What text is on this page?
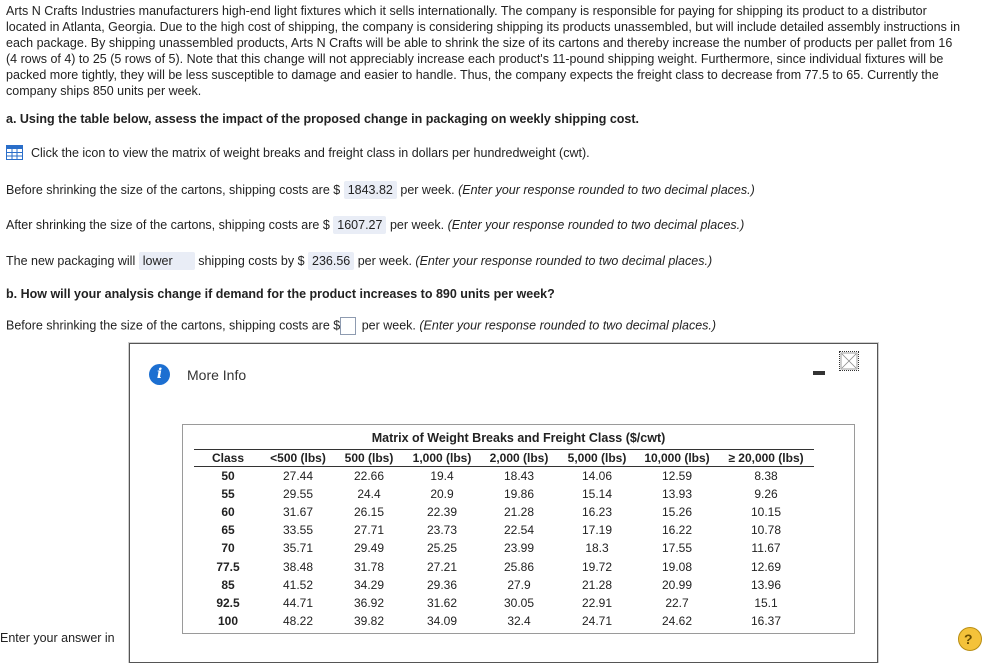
Arts N Crafts Industries manufacturers high-end light fixtures which it sells internationally. The company is responsible for paying for shipping its product to a distributor located in Atlanta, Georgia. Due to the high cost of shipping, the company is considering shipping its products unassembled, but will include detailed assembly instructions in each package. By shipping unassembled products, Arts N Crafts will be able to shrink the size of its cartons and thereby increase the number of products per pallet from 16 (4 rows of 4) to 25 (5 rows of 5). Note that this change will not appreciably increase each product's 11-pound shipping weight. Furthermore, since individual fixtures will be packed more tightly, they will be less susceptible to damage and easier to handle. Thus, the company expects the freight class to decrease from 77.5 to 65. Currently the company ships 850 units per week.

a. Using the table below, assess the impact of the proposed change in packaging on weekly shipping cost.
Click the icon to view the matrix of weight breaks and freight class in dollars per hundredweight (cwt).
Before shrinking the size of the cartons, shipping costs are $ 1843.82 per week. (Enter your response rounded to two decimal places.)
After shrinking the size of the cartons, shipping costs are $ 1607.27 per week. (Enter your response rounded to two decimal places.)
The new packaging will lower shipping costs by $ 236.56 per week. (Enter your response rounded to two decimal places.)
b. How will your analysis change if demand for the product increases to 890 units per week?
Before shrinking the size of the cartons, shipping costs are $ per week. (Enter your response rounded to two decimal places.)
Enter your answer in
i	More Info
Matrix of Weight Breaks and Freight Class ($/cwt)
Class	<500 (lbs)	500 (lbs)	1,000 (lbs)	2,000 (lbs)	5,000 (lbs)	10,000 (lbs)	≥ 20,000 (lbs)
50	27.44	22.66	19.4	18.43	14.06	12.59	8.38
55	29.55	24.4	20.9	19.86	15.14	13.93	9.26
60	31.67	26.15	22.39	21.28	16.23	15.26	10.15
65	33.55	27.71	23.73	22.54	17.19	16.22	10.78
70	35.71	29.49	25.25	23.99	18.3	17.55	11.67
77.5	38.48	31.78	27.21	25.86	19.72	19.08	12.69
85	41.52	34.29	29.36	27.9	21.28	20.99	13.96
92.5	44.71	36.92	31.62	30.05	22.91	22.7	15.1
100	48.22	39.82	34.09	32.4	24.71	24.62	16.37
?
